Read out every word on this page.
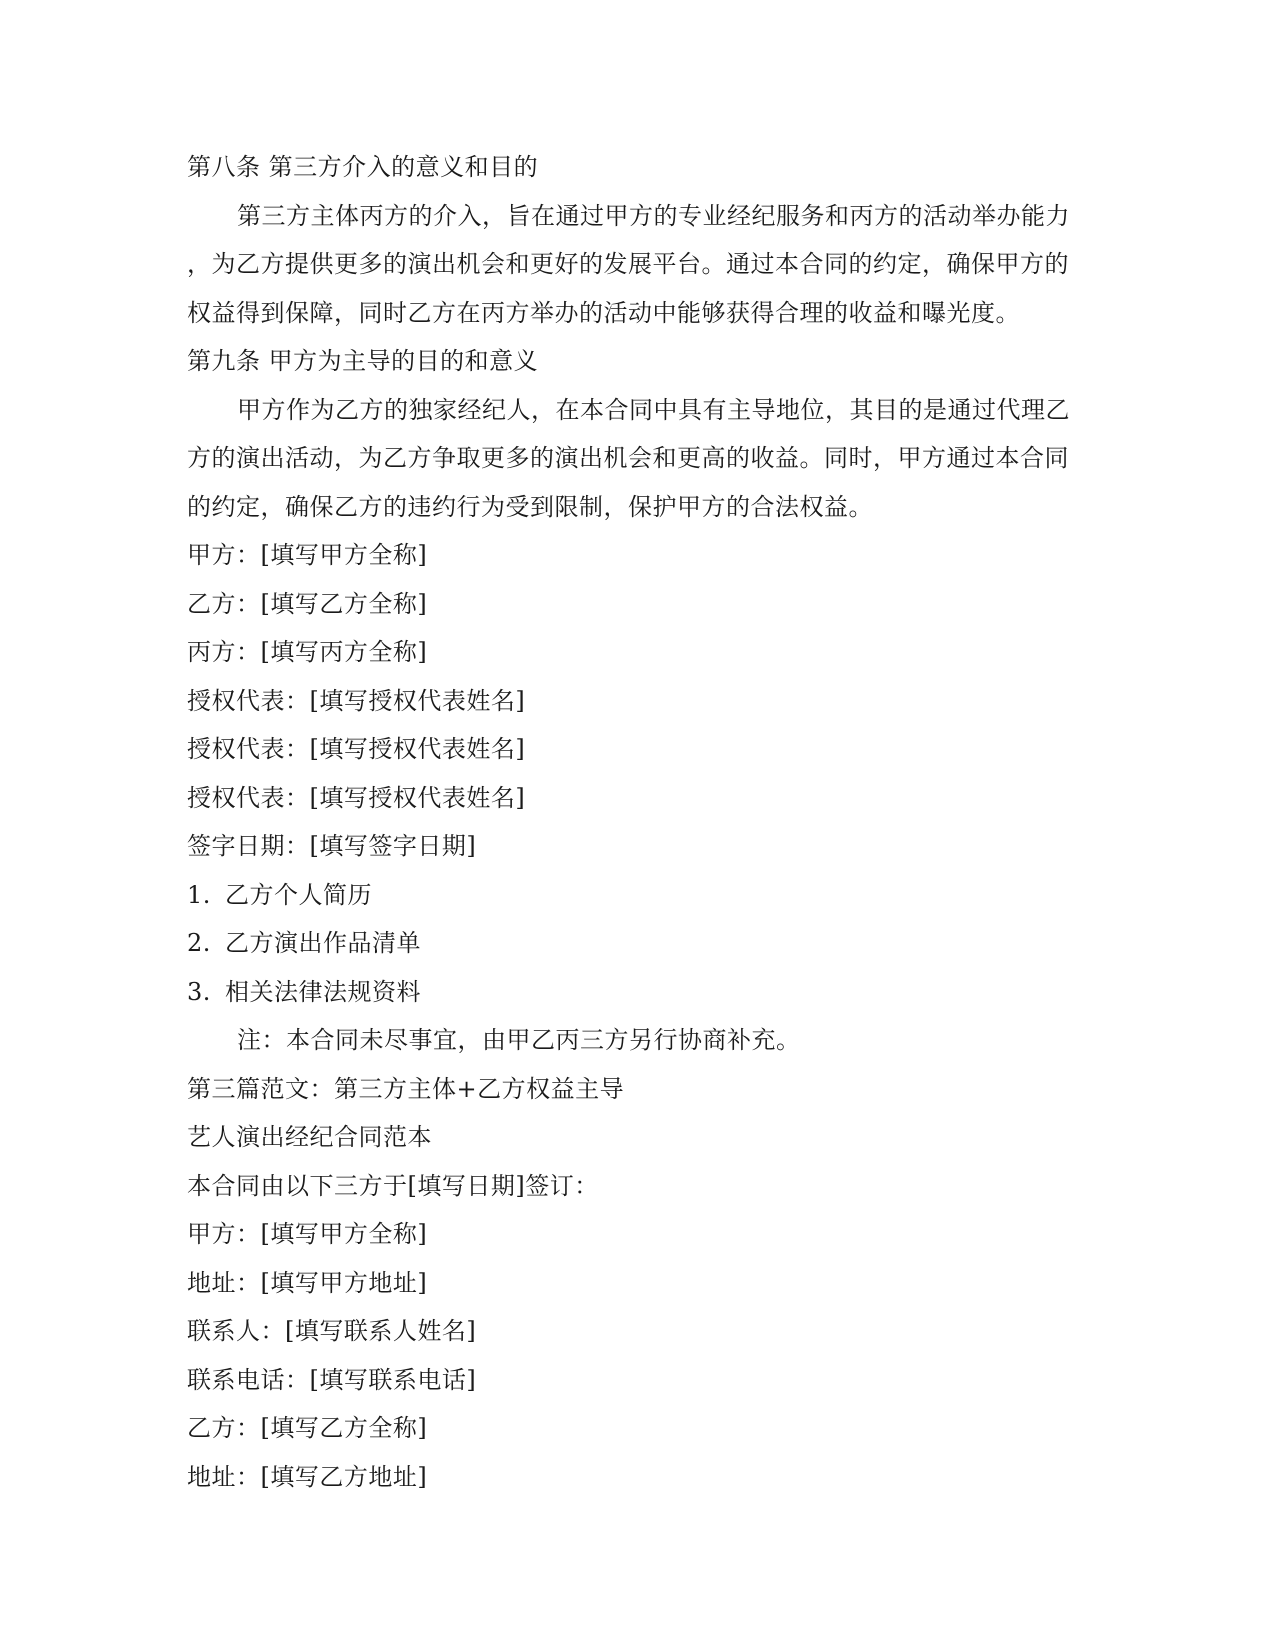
第八条 第三方介入的意义和目的
第三方主体丙方的介入，旨在通过甲方的专业经纪服务和丙方的活动举办能力
，为乙方提供更多的演出机会和更好的发展平台。通过本合同的约定，确保甲方的
权益得到保障，同时乙方在丙方举办的活动中能够获得合理的收益和曝光度。
第九条 甲方为主导的目的和意义
甲方作为乙方的独家经纪人，在本合同中具有主导地位，其目的是通过代理乙
方的演出活动，为乙方争取更多的演出机会和更高的收益。同时，甲方通过本合同
的约定，确保乙方的违约行为受到限制，保护甲方的合法权益。
甲方：[填写甲方全称]
乙方：[填写乙方全称]
丙方：[填写丙方全称]
授权代表：[填写授权代表姓名]
授权代表：[填写授权代表姓名]
授权代表：[填写授权代表姓名]
签字日期：[填写签字日期]
1. 乙方个人简历
2. 乙方演出作品清单
3. 相关法律法规资料
注：本合同未尽事宜，由甲乙丙三方另行协商补充。
第三篇范文：第三方主体+乙方权益主导
艺人演出经纪合同范本
本合同由以下三方于[填写日期]签订：
甲方：[填写甲方全称]
地址：[填写甲方地址]
联系人：[填写联系人姓名]
联系电话：[填写联系电话]
乙方：[填写乙方全称]
地址：[填写乙方地址]
